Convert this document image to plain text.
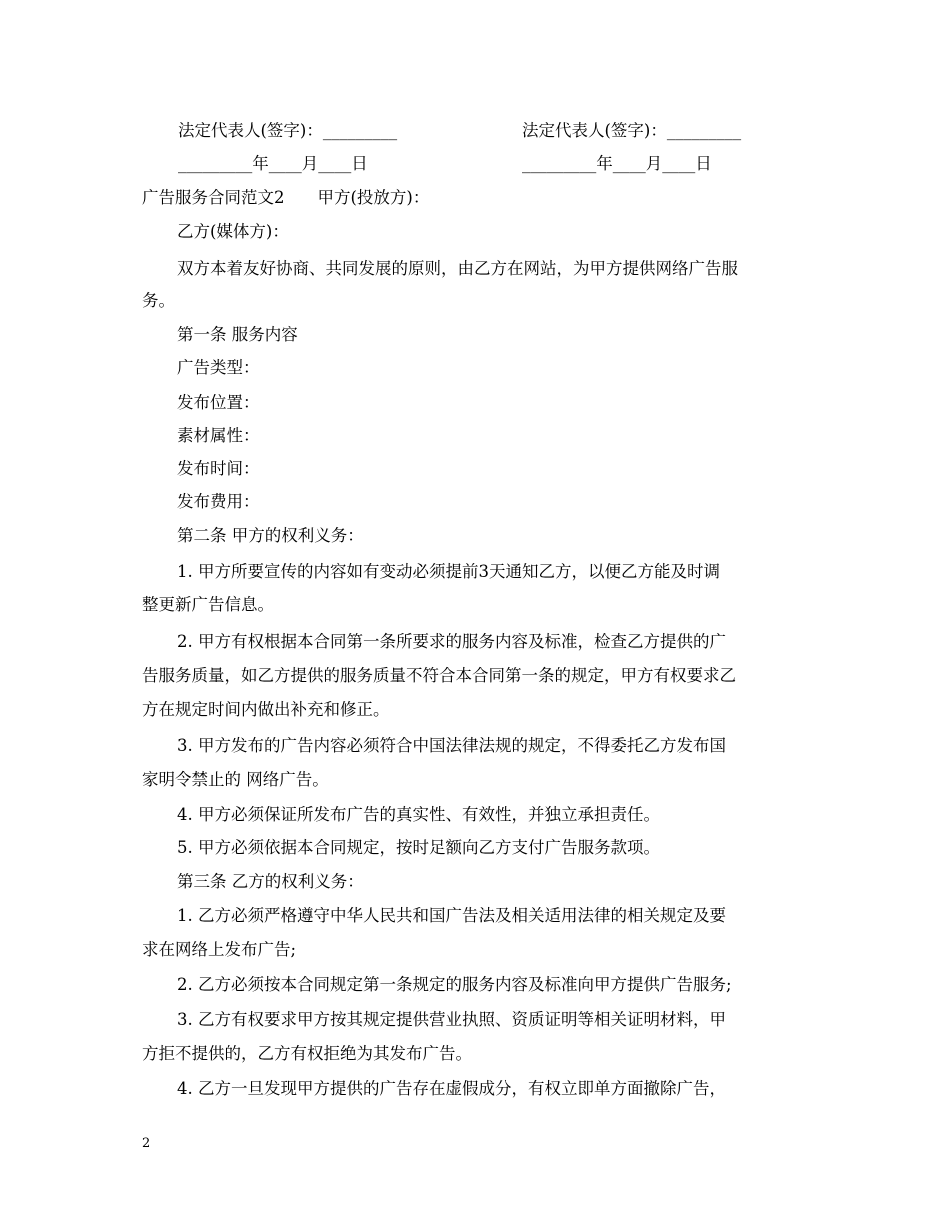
法定代表人(签字)：_________	法定代表人(签字)：_________
_________年____月____日	_________年____月____日
广告服务合同范文2　　甲方(投放方)：
乙方(媒体方)：
双方本着友好协商、共同发展的原则，由乙方在网站，为甲方提供网络广告服
务。
第一条 服务内容
广告类型：
发布位置：
素材属性：
发布时间：
发布费用：
第二条 甲方的权利义务：
1. 甲方所要宣传的内容如有变动必须提前3天通知乙方，以便乙方能及时调
整更新广告信息。
2. 甲方有权根据本合同第一条所要求的服务内容及标准，检查乙方提供的广
告服务质量，如乙方提供的服务质量不符合本合同第一条的规定，甲方有权要求乙
方在规定时间内做出补充和修正。
3. 甲方发布的广告内容必须符合中国法律法规的规定，不得委托乙方发布国
家明令禁止的 网络广告。
4. 甲方必须保证所发布广告的真实性、有效性，并独立承担责任。
5. 甲方必须依据本合同规定，按时足额向乙方支付广告服务款项。
第三条 乙方的权利义务：
1. 乙方必须严格遵守中华人民共和国广告法及相关适用法律的相关规定及要
求在网络上发布广告;
2. 乙方必须按本合同规定第一条规定的服务内容及标准向甲方提供广告服务;
3. 乙方有权要求甲方按其规定提供营业执照、资质证明等相关证明材料，甲
方拒不提供的，乙方有权拒绝为其发布广告。
4. 乙方一旦发现甲方提供的广告存在虚假成分，有权立即单方面撤除广告，
2
